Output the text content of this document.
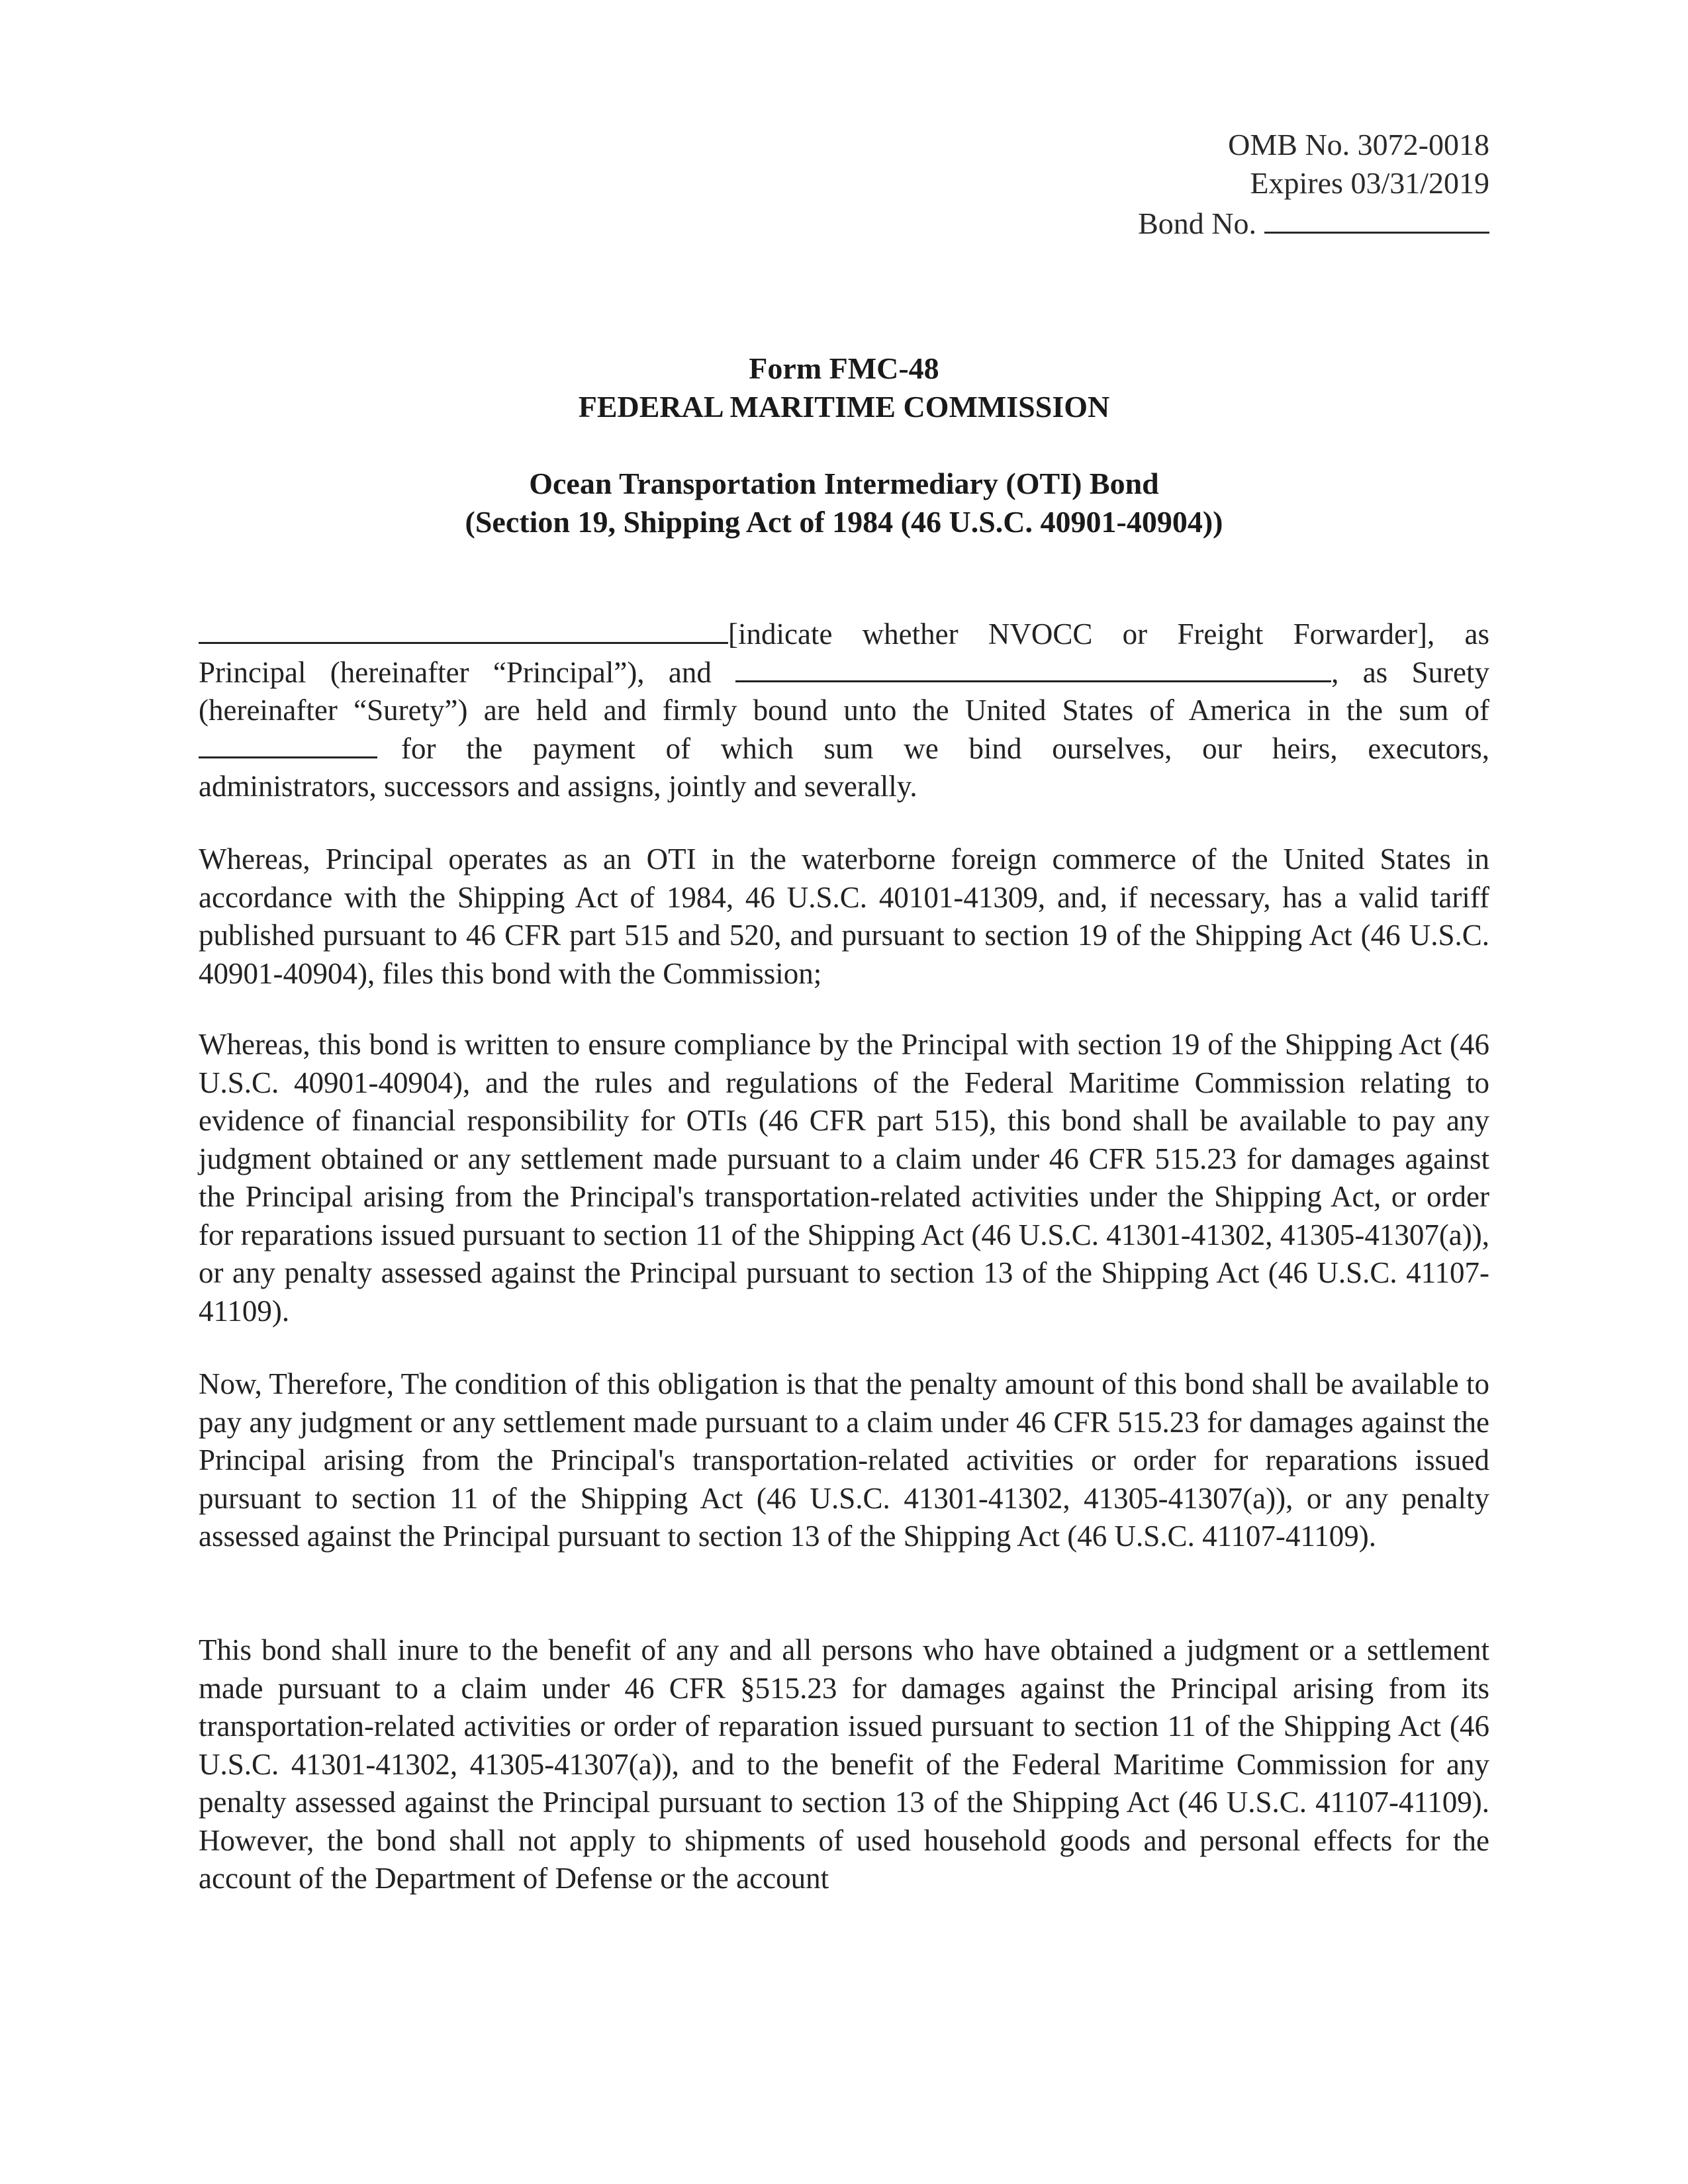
OMB No. 3072-0018
Expires 03/31/2019
Bond No.
Form FMC-48
FEDERAL MARITIME COMMISSION
Ocean Transportation Intermediary (OTI) Bond
(Section 19, Shipping Act of 1984 (46 U.S.C. 40901-40904))

[indicate whether NVOCC or Freight Forwarder], as

Principal (hereinafter “Principal”), and	, as Surety

(hereinafter “Surety”) are held and firmly bound unto the United States of America in the sum of

for the payment of which sum we bind ourselves, our heirs, executors,

administrators, successors and assigns, jointly and severally.

Whereas, Principal operates as an OTI in the waterborne foreign commerce of the United States in accordance with the Shipping Act of 1984, 46 U.S.C. 40101-41309, and, if necessary, has a valid tariff published pursuant to 46 CFR part 515 and 520, and pursuant to section 19 of the Shipping Act (46 U.S.C. 40901-40904), files this bond with the Commission;
Whereas, this bond is written to ensure compliance by the Principal with section 19 of the Shipping Act (46 U.S.C. 40901-40904), and the rules and regulations of the Federal Maritime Commission relating to evidence of financial responsibility for OTIs (46 CFR part 515), this bond shall be available to pay any judgment obtained or any settlement made pursuant to a claim under 46 CFR 515.23 for damages against the Principal arising from the Principal's transportation-related activities under the Shipping Act, or order for reparations issued pursuant to section 11 of the Shipping Act (46 U.S.C. 41301-41302, 41305-41307(a)), or any penalty assessed against the Principal pursuant to section 13 of the Shipping Act (46 U.S.C. 41107-41109).
Now, Therefore, The condition of this obligation is that the penalty amount of this bond shall be available to pay any judgment or any settlement made pursuant to a claim under 46 CFR 515.23 for damages against the Principal arising from the Principal's transportation-related activities or order for reparations issued pursuant to section 11 of the Shipping Act (46 U.S.C. 41301-41302, 41305-41307(a)), or any penalty assessed against the Principal pursuant to section 13 of the Shipping Act (46 U.S.C. 41107-41109).
This bond shall inure to the benefit of any and all persons who have obtained a judgment or a settlement made pursuant to a claim under 46 CFR §515.23 for damages against the Principal arising from its transportation-related activities or order of reparation issued pursuant to section 11 of the Shipping Act (46 U.S.C. 41301-41302, 41305-41307(a)), and to the benefit of the Federal Maritime Commission for any penalty assessed against the Principal pursuant to section 13 of the Shipping Act (46 U.S.C. 41107-41109). However, the bond shall not apply to shipments of used household goods and personal effects for the account of the Department of Defense or the account
